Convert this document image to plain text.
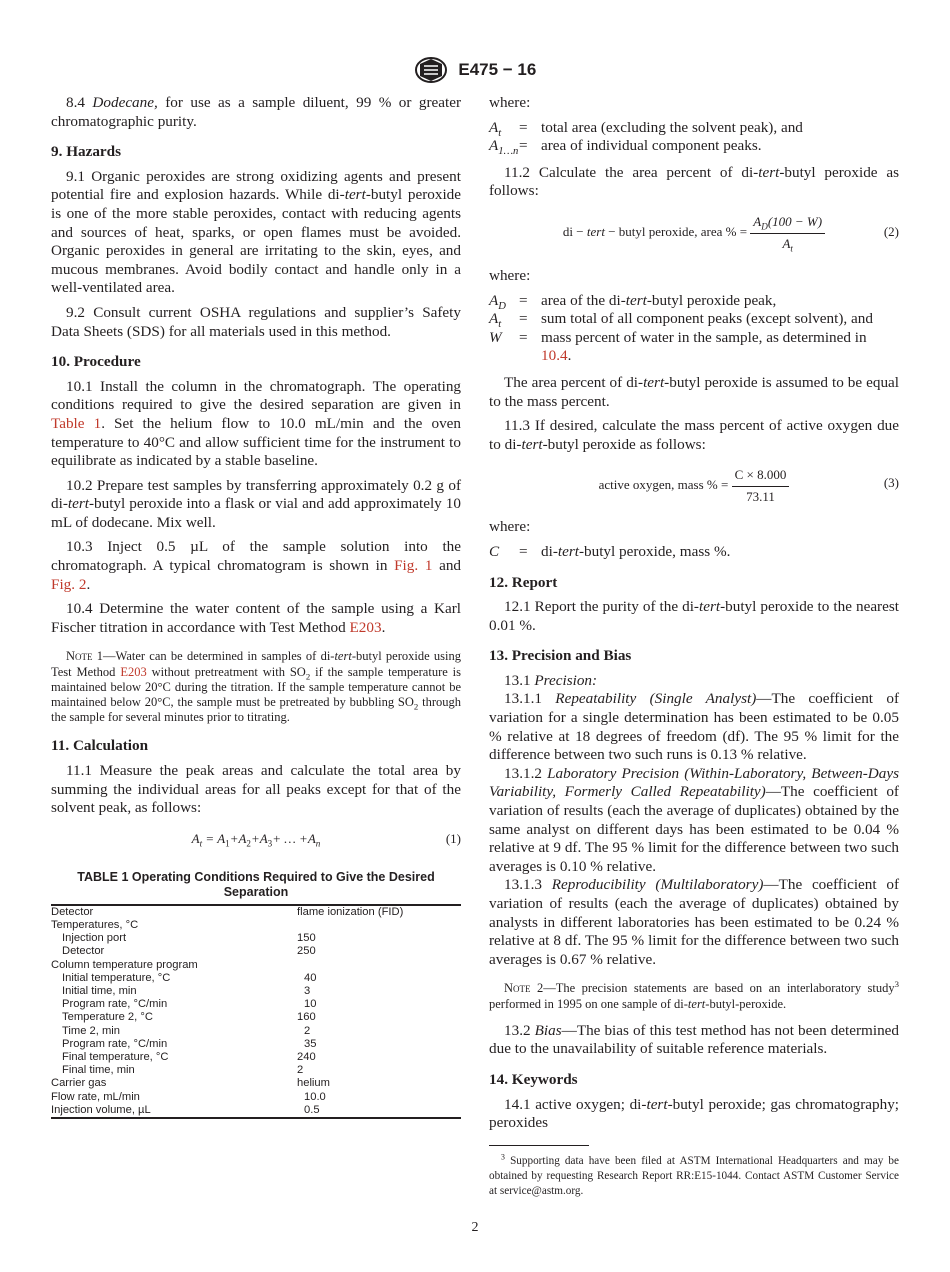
E475 − 16

8.4 Dodecane, for use as a sample diluent, 99 % or greater chromatographic purity.

9. Hazards

9.1 Organic peroxides are strong oxidizing agents and present potential fire and explosion hazards. While di-tert-butyl peroxide is one of the more stable peroxides, contact with reducing agents and sources of heat, sparks, or open flames must be avoided. Organic peroxides in general are irritating to the skin, eyes, and mucous membranes. Avoid bodily contact and handle only in a well-ventilated area.

9.2 Consult current OSHA regulations and supplier’s Safety Data Sheets (SDS) for all materials used in this method.

10. Procedure

10.1 Install the column in the chromatograph. The operating conditions required to give the desired separation are given in Table 1. Set the helium flow to 10.0 mL/min and the oven temperature to 40°C and allow sufficient time for the instrument to equilibrate as indicated by a stable baseline.

10.2 Prepare test samples by transferring approximately 0.2 g of di-tert-butyl peroxide into a flask or vial and add approximately 10 mL of dodecane. Mix well.

10.3 Inject 0.5 µL of the sample solution into the chromatograph. A typical chromatogram is shown in Fig. 1 and Fig. 2.

10.4 Determine the water content of the sample using a Karl Fischer titration in accordance with Test Method E203.

Note 1—Water can be determined in samples of di-tert-butyl peroxide using Test Method E203 without pretreatment with $SO_2$ if the sample temperature is maintained below 20°C during the titration. If the sample temperature cannot be maintained below 20°C, the sample must be pretreated by bubbling $SO_2$ through the sample for several minutes prior to titrating.

11. Calculation

11.1 Measure the peak areas and calculate the total area by summing the individual areas for all peaks except for that of the solvent peak, as follows:

$A_t = A_1+A_2+A_3+$ … $+A_n$	(1)
TABLE 1 Operating Conditions Required to Give the Desired Separation
Detector	flame ionization (FID)
Temperatures, °C	
Injection port	150
Detector	250
Column temperature program	
Initial temperature, °C	40
Initial time, min	3
Program rate, °C/min	10
Temperature 2, °C	160
Time 2, min	2
Program rate, °C/min	35
Final temperature, °C	240
Final time, min	2
Carrier gas	helium
Flow rate, mL/min	10.0
Injection volume, µL	0.5

where:

$A_t$	= total area (excluding the solvent peak), and
$A_{1\dots n}$ = area of individual component peaks.

11.2 Calculate the area percent of di-tert-butyl peroxide as follows:

di − tert − butyl peroxide, area % = $\frac{A_D(100 - W)}{A_t}$	(2)

where:

$A_D$ = area of the di-tert-butyl peroxide peak,
$A_t$	= sum total of all component peaks (except solvent), and
W	= mass percent of water in the sample, as determined in 10.4.

The area percent of di-tert-butyl peroxide is assumed to be equal to the mass percent.

11.3 If desired, calculate the mass percent of active oxygen due to di-tert-butyl peroxide as follows:

active oxygen, mass % = $\frac{C \times 8.000}{73.11}$	(3)

where:

C	= di-tert-butyl peroxide, mass %.
12. Report

12.1 Report the purity of the di-tert-butyl peroxide to the nearest 0.01 %.

13. Precision and Bias

13.1 Precision:

13.1.1 Repeatability (Single Analyst)—The coefficient of variation for a single determination has been estimated to be 0.05 % relative at 18 degrees of freedom (df). The 95 % limit for the difference between two such runs is 0.13 % relative.

13.1.2 Laboratory Precision (Within-Laboratory, Between-Days Variability, Formerly Called Repeatability)—The coefficient of variation of results (each the average of duplicates) obtained by the same analyst on different days has been estimated to be 0.04 % relative at 9 df. The 95 % limit for the difference between two such averages is 0.10 % relative.

13.1.3 Reproducibility (Multilaboratory)—The coefficient of variation of results (each the average of duplicates) obtained by analysts in different laboratories has been estimated to be 0.24 % relative at 8 df. The 95 % limit for the difference between two such averages is 0.67 % relative.

Note 2—The precision statements are based on an interlaboratory study$^3$ performed in 1995 on one sample of di-tert-butyl-peroxide.

13.2 Bias—The bias of this test method has not been determined due to the unavailability of suitable reference materials.

14. Keywords

14.1 active oxygen; di-tert-butyl peroxide; gas chromatography; peroxides

$^3$ Supporting data have been filed at ASTM International Headquarters and may be obtained by requesting Research Report RR:E15-1044. Contact ASTM Customer Service at service@astm.org.

2
